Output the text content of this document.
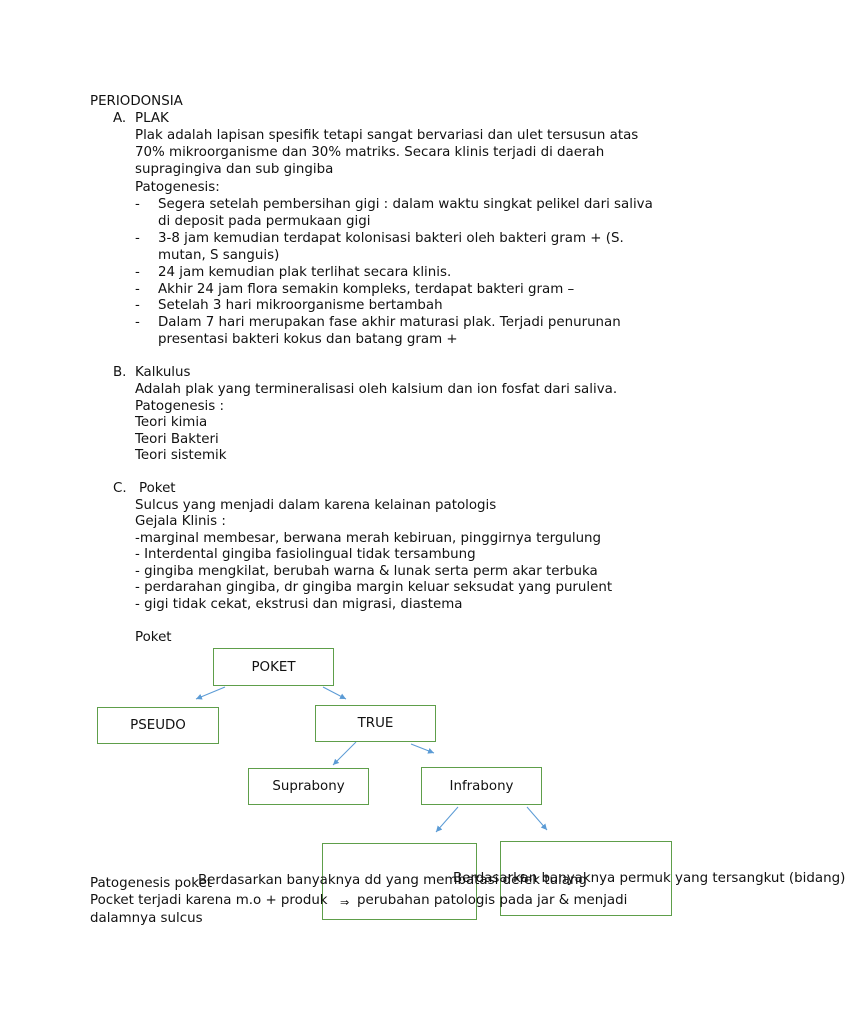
PERIODONSIA
A. PLAK
Plak adalah lapisan spesifik tetapi sangat bervariasi dan ulet tersusun atas
70% mikroorganisme dan 30% matriks. Secara klinis terjadi di daerah
supragingiva dan sub gingiba
Patogenesis:
- Segera setelah pembersihan gigi : dalam waktu singkat pelikel dari saliva
di deposit pada permukaan gigi
- 3-8 jam kemudian terdapat kolonisasi bakteri oleh bakteri gram + (S.
mutan, S sanguis)
- 24 jam kemudian plak terlihat secara klinis.
- Akhir 24 jam flora semakin kompleks, terdapat bakteri gram –
- Setelah 3 hari mikroorganisme bertambah
- Dalam 7 hari merupakan fase akhir maturasi plak. Terjadi penurunan
presentasi bakteri kokus dan batang gram +
B. Kalkulus
Adalah plak yang termineralisasi oleh kalsium dan ion fosfat dari saliva.
Patogenesis :
Teori kimia
Teori Bakteri
Teori sistemik
C. Poket
Sulcus yang menjadi dalam karena kelainan patologis
Gejala Klinis :
-marginal membesar, berwana merah kebiruan, pinggirnya tergulung
- Interdental gingiba fasiolingual tidak tersambung
- gingiba mengkilat, berubah warna & lunak serta perm akar terbuka
- perdarahan gingiba, dr gingiba margin keluar seksudat yang purulent
- gigi tidak cekat, ekstrusi dan migrasi, diastema
Poket
POKET
PSEUDO	TRUE
Suprabony	Infrabony
Patogenesis poket
Berdasarkan banyaknya dd yang membatasi defek tulang
Berdasarkan banyaknya permuk yang tersangkut (bidang)
Pocket terjadi karena m.o + produk ⇒ perubahan patologis pada jar & menjadi
dalamnya sulcus
